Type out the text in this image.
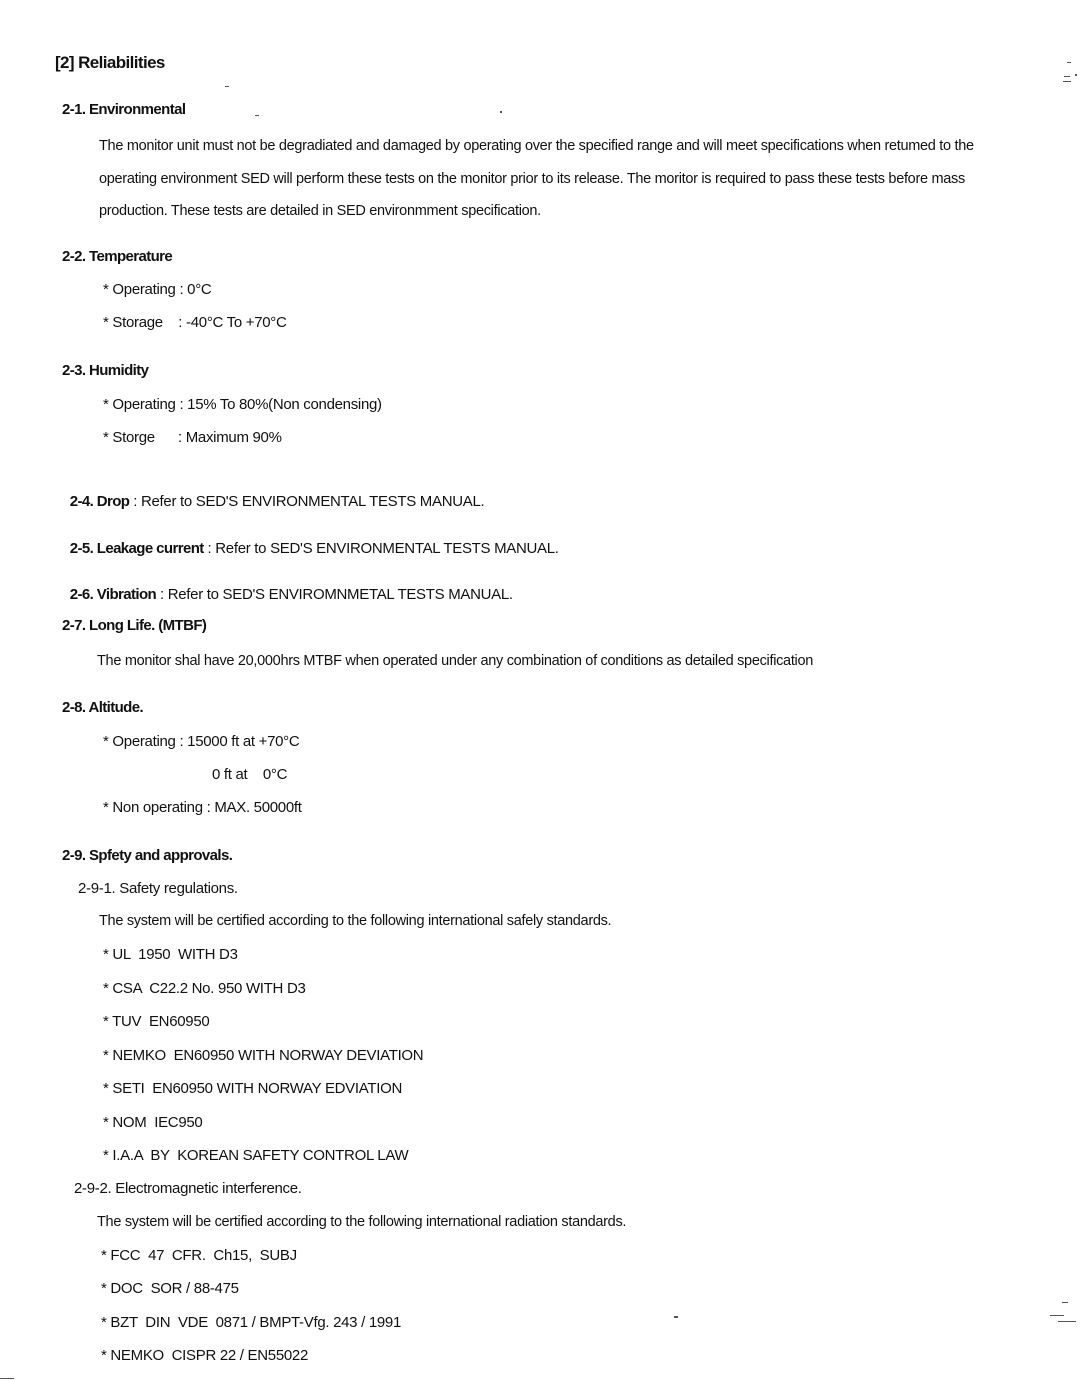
[2] Reliabilities
2-1. Environmental
The monitor unit must not be degradiated and damaged by operating over the specified range and will meet specifications when retumed to the
operating environment SED will perform these tests on the monitor prior to its release. The moritor is required to pass these tests before mass
production. These tests are detailed in SED environmment specification.
2-2. Temperature
* Operating : 0°C
* Storage    : -40°C To +70°C
2-3. Humidity
* Operating : 15% To 80%(Non condensing)
* Storge      : Maximum 90%

2-4. Drop : Refer to SED'S ENVIRONMENTAL TESTS MANUAL.

2-5. Leakage current : Refer to SED'S ENVIRONMENTAL TESTS MANUAL.

2-6. Vibration : Refer to SED'S ENVIROMNMETAL TESTS MANUAL.

2-7. Long Life. (MTBF)
The monitor shal have 20,000hrs MTBF when operated under any combination of conditions as detailed specification
2-8. Altitude.
* Operating : 15000 ft at +70°C
0 ft at    0°C
* Non operating : MAX. 50000ft
2-9. Spfety and approvals.
2-9-1. Safety regulations.
The system will be certified according to the following international safely standards.
* UL  1950  WITH D3
* CSA  C22.2 No. 950 WITH D3
* TUV  EN60950
* NEMKO  EN60950 WITH NORWAY DEVIATION
* SETI  EN60950 WITH NORWAY EDVIATION
* NOM  IEC950
* I.A.A  BY  KOREAN SAFETY CONTROL LAW
2-9-2. Electromagnetic interference.
The system will be certified according to the following international radiation standards.
* FCC  47  CFR.  Ch15,  SUBJ
* DOC  SOR / 88-475
* BZT  DIN  VDE  0871 / BMPT-Vfg. 243 / 1991
* NEMKO  CISPR 22 / EN55022
